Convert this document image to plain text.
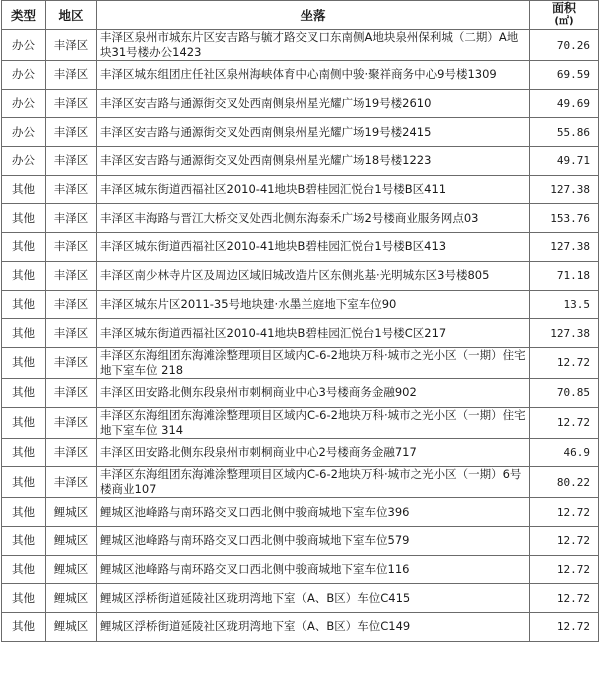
类型	地区	坐落	面积
(㎡)

办公	丰泽区	丰泽区泉州市城东片区安吉路与毓才路交叉口东南侧A地块泉州保利城（二期）A地块31号楼办公1423	70.26
办公	丰泽区	丰泽区城东组团庄任社区泉州海峡体育中心南侧中骏·聚祥商务中心9号楼1309	69.59
办公	丰泽区	丰泽区安吉路与通源街交叉处西南侧泉州星光耀广场19号楼2610	49.69
办公	丰泽区	丰泽区安吉路与通源街交叉处西南侧泉州星光耀广场19号楼2415	55.86
办公	丰泽区	丰泽区安吉路与通源街交叉处西南侧泉州星光耀广场18号楼1223	49.71
其他	丰泽区	丰泽区城东街道西福社区2010-41地块B碧桂园汇悦台1号楼B区411	127.38
其他	丰泽区	丰泽区丰海路与晋江大桥交叉处西北侧东海泰禾广场2号楼商业服务网点03	153.76
其他	丰泽区	丰泽区城东街道西福社区2010-41地块B碧桂园汇悦台1号楼B区413	127.38
其他	丰泽区	丰泽区南少林寺片区及周边区域旧城改造片区东侧兆基·光明城东区3号楼805	71.18
其他	丰泽区	丰泽区城东片区2011-35号地块建·水墨兰庭地下室车位90	13.5
其他	丰泽区	丰泽区城东街道西福社区2010-41地块B碧桂园汇悦台1号楼C区217	127.38
其他	丰泽区	丰泽区东海组团东海滩涂整理项目区域内C-6-2地块万科·城市之光小区（一期）住宅地下室车位 218	12.72
其他	丰泽区	丰泽区田安路北侧东段泉州市刺桐商业中心3号楼商务金融902	70.85
其他	丰泽区	丰泽区东海组团东海滩涂整理项目区域内C-6-2地块万科·城市之光小区（一期）住宅地下室车位 314	12.72
其他	丰泽区	丰泽区田安路北侧东段泉州市刺桐商业中心2号楼商务金融717	46.9
其他	丰泽区	丰泽区东海组团东海滩涂整理项目区域内C-6-2地块万科·城市之光小区（一期）6号楼商业107	80.22
其他	鲤城区	鲤城区池峰路与南环路交叉口西北侧中骏商城地下室车位396	12.72
其他	鲤城区	鲤城区池峰路与南环路交叉口西北侧中骏商城地下室车位579	12.72
其他	鲤城区	鲤城区池峰路与南环路交叉口西北侧中骏商城地下室车位116	12.72
其他	鲤城区	鲤城区浮桥街道延陵社区珑玥湾地下室（A、B区）车位C415	12.72
其他	鲤城区	鲤城区浮桥街道延陵社区珑玥湾地下室（A、B区）车位C149	12.72
